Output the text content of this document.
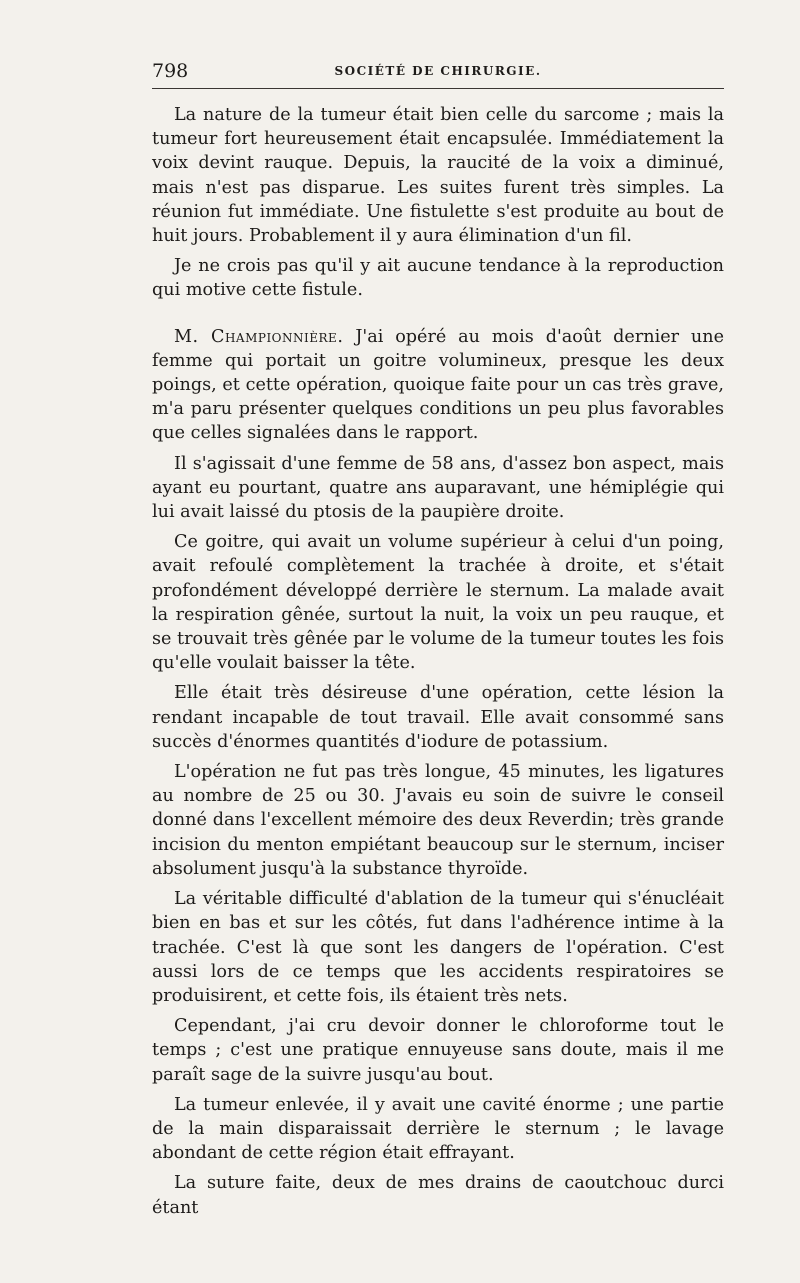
798	SOCIÉTÉ DE CHIRURGIE.

La nature de la tumeur était bien celle du sarcome ; mais la tumeur fort heureusement était encapsulée. Immédiatement la voix devint rauque. Depuis, la raucité de la voix a diminué, mais n'est pas disparue. Les suites furent très simples. La réunion fut immédiate. Une fistulette s'est produite au bout de huit jours. Probablement il y aura élimination d'un fil.

Je ne crois pas qu'il y ait aucune tendance à la reproduction qui motive cette fistule.

M. Championnière. J'ai opéré au mois d'août dernier une femme qui portait un goitre volumineux, presque les deux poings, et cette opération, quoique faite pour un cas très grave, m'a paru présenter quelques conditions un peu plus favorables que celles signalées dans le rapport.

Il s'agissait d'une femme de 58 ans, d'assez bon aspect, mais ayant eu pourtant, quatre ans auparavant, une hémiplégie qui lui avait laissé du ptosis de la paupière droite.

Ce goitre, qui avait un volume supérieur à celui d'un poing, avait refoulé complètement la trachée à droite, et s'était profondément développé derrière le sternum. La malade avait la respiration gênée, surtout la nuit, la voix un peu rauque, et se trouvait très gênée par le volume de la tumeur toutes les fois qu'elle voulait baisser la tête.

Elle était très désireuse d'une opération, cette lésion la rendant incapable de tout travail. Elle avait consommé sans succès d'énormes quantités d'iodure de potassium.

L'opération ne fut pas très longue, 45 minutes, les ligatures au nombre de 25 ou 30. J'avais eu soin de suivre le conseil donné dans l'excellent mémoire des deux Reverdin; très grande incision du menton empiétant beaucoup sur le sternum, inciser absolument jusqu'à la substance thyroïde.

La véritable difficulté d'ablation de la tumeur qui s'énucléait bien en bas et sur les côtés, fut dans l'adhérence intime à la trachée. C'est là que sont les dangers de l'opération. C'est aussi lors de ce temps que les accidents respiratoires se produisirent, et cette fois, ils étaient très nets.

Cependant, j'ai cru devoir donner le chloroforme tout le temps ; c'est une pratique ennuyeuse sans doute, mais il me paraît sage de la suivre jusqu'au bout.

La tumeur enlevée, il y avait une cavité énorme ; une partie de la main disparaissait derrière le sternum ; le lavage abondant de cette région était effrayant.

La suture faite, deux de mes drains de caoutchouc durci étant
